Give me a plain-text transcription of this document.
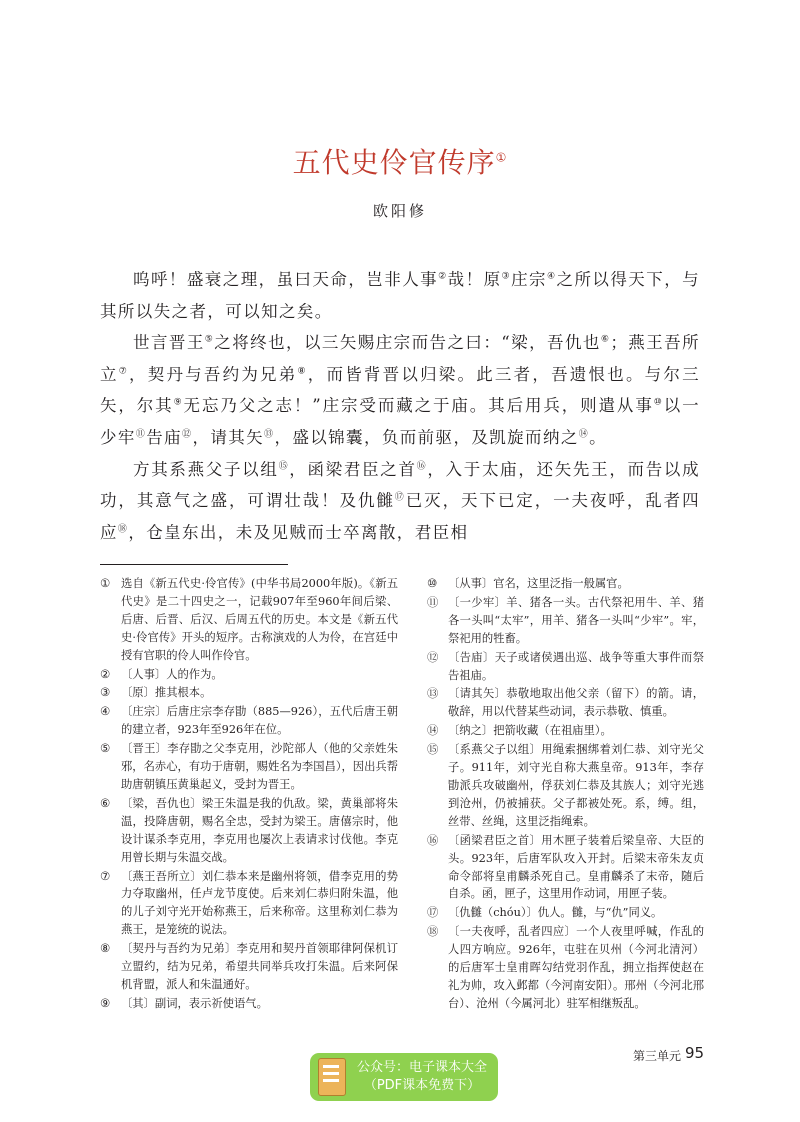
五代史伶官传序①
欧阳修

呜呼！盛衰之理，虽曰天命，岂非人事②哉！原③庄宗④之所以得天下，与其所以失之者，可以知之矣。

世言晋王⑤之将终也，以三矢赐庄宗而告之曰：“梁，吾仇也⑥；燕王吾所立⑦，契丹与吾约为兄弟⑧，而皆背晋以归梁。此三者，吾遗恨也。与尔三矢，尔其⑨无忘乃父之志！”庄宗受而藏之于庙。其后用兵，则遣从事⑩以一少牢⑪告庙⑫，请其矢⑬，盛以锦囊，负而前驱，及凯旋而纳之⑭。

方其系燕父子以组⑮，函梁君臣之首⑯，入于太庙，还矢先王，而告以成功，其意气之盛，可谓壮哉！及仇雠⑰已灭，天下已定，一夫夜呼，乱者四应⑱，仓皇东出，未及见贼而士卒离散，君臣相

① 选自《新五代史·伶官传》(中华书局2000年版)。《新五代史》是二十四史之一，记载907年至960年间后梁、后唐、后晋、后汉、后周五代的历史。本文是《新五代史·伶官传》开头的短序。古称演戏的人为伶，在宫廷中授有官职的伶人叫作伶官。
② 〔人事〕人的作为。
③ 〔原〕推其根本。
④ 〔庄宗〕后唐庄宗李存勖（885—926），五代后唐王朝的建立者，923年至926年在位。
⑤ 〔晋王〕李存勖之父李克用，沙陀部人（他的父亲姓朱邪，名赤心，有功于唐朝，赐姓名为李国昌），因出兵帮助唐朝镇压黄巢起义，受封为晋王。
⑥ 〔梁，吾仇也〕梁王朱温是我的仇敌。梁，黄巢部将朱温，投降唐朝，赐名全忠，受封为梁王。唐僖宗时，他设计谋杀李克用，李克用也屡次上表请求讨伐他。李克用曾长期与朱温交战。
⑦ 〔燕王吾所立〕刘仁恭本来是幽州将领，借李克用的势力夺取幽州，任卢龙节度使。后来刘仁恭归附朱温，他的儿子刘守光开始称燕王，后来称帝。这里称刘仁恭为燕王，是笼统的说法。
⑧ 〔契丹与吾约为兄弟〕李克用和契丹首领耶律阿保机订立盟约，结为兄弟，希望共同举兵攻打朱温。后来阿保机背盟，派人和朱温通好。
⑨ 〔其〕副词，表示祈使语气。
⑩ 〔从事〕官名，这里泛指一般属官。
⑪ 〔一少牢〕羊、猪各一头。古代祭祀用牛、羊、猪各一头叫“太牢”，用羊、猪各一头叫“少牢”。牢，祭祀用的牲畜。
⑫ 〔告庙〕天子或诸侯遇出巡、战争等重大事件而祭告祖庙。
⑬ 〔请其矢〕恭敬地取出他父亲（留下）的箭。请，敬辞，用以代替某些动词，表示恭敬、慎重。
⑭ 〔纳之〕把箭收藏（在祖庙里）。
⑮ 〔系燕父子以组〕用绳索捆绑着刘仁恭、刘守光父子。911年，刘守光自称大燕皇帝。913年，李存勖派兵攻破幽州，俘获刘仁恭及其族人；刘守光逃到沧州，仍被捕获。父子都被处死。系，缚。组，丝带、丝绳，这里泛指绳索。
⑯ 〔函梁君臣之首〕用木匣子装着后梁皇帝、大臣的头。923年，后唐军队攻入开封。后梁末帝朱友贞命令部将皇甫麟杀死自己。皇甫麟杀了末帝，随后自杀。函，匣子，这里用作动词，用匣子装。
⑰ 〔仇雠（chóu）〕仇人。雠，与“仇”同义。
⑱ 〔一夫夜呼，乱者四应〕一个人夜里呼喊，作乱的人四方响应。926年，屯驻在贝州（今河北清河）的后唐军士皇甫晖勾结党羽作乱，拥立指挥使赵在礼为帅，攻入邺都（今河南安阳）。邢州（今河北邢台）、沧州（今属河北）驻军相继叛乱。
第三单元 95
公众号：电子课本大全
（PDF课本免费下）
